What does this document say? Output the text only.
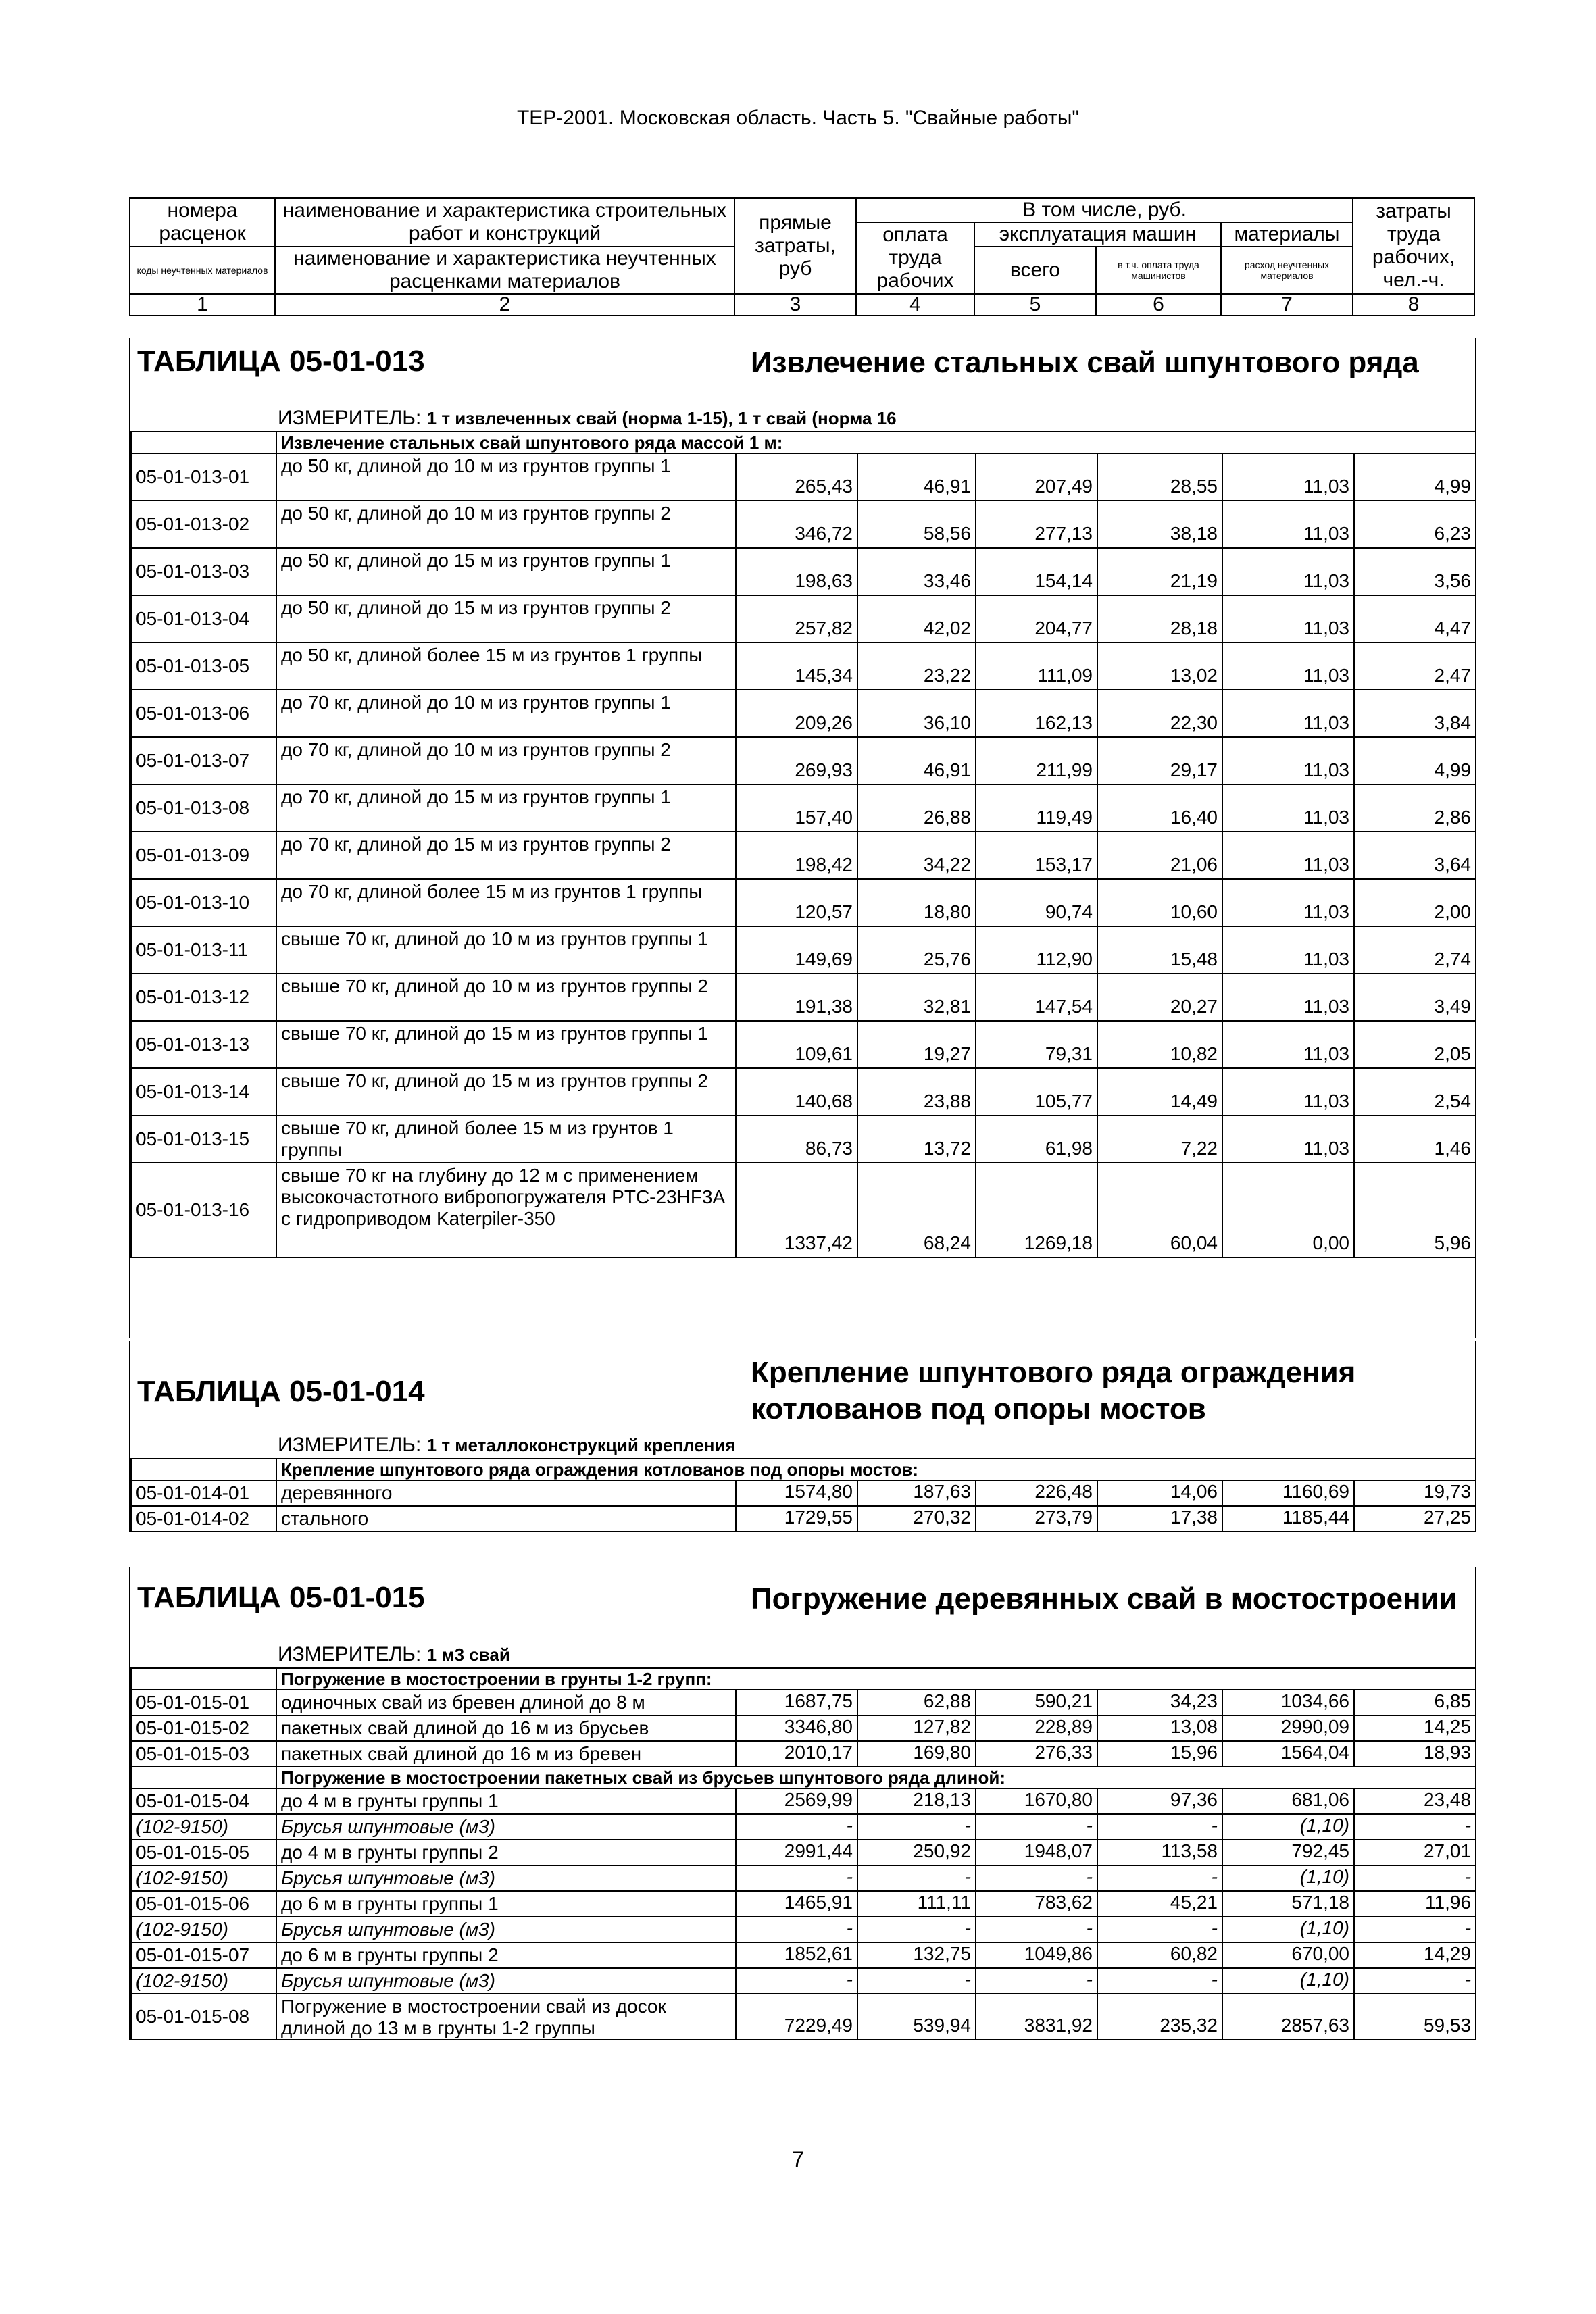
ТЕР-2001. Московская область. Часть 5. "Свайные работы"
номера расценок	наименование и характеристика строительных работ и конструкций	прямые затраты, руб	В том числе, руб.				затраты труда рабочих, чел.-ч.
			оплата труда рабочих	эксплуатация машин		материалы	
коды неучтенных материалов	наименование и характеристика неучтенных расценками материалов			всего	в т.ч. оплата труда машинистов	расход неучтенных материалов	

1	2	3	4	5	6	7	8
ТАБЛИЦА 05-01-013	Извлечение стальных свай шпунтового ряда
ИЗМЕРИТЕЛЬ: 1 т извлеченных свай (норма 1-15), 1 т свай (норма 16
	Извлечение стальных свай шпунтового ряда массой 1 м:						
05-01-013-01	до 50 кг, длиной до 10 м из грунтов группы 1	265,43	46,91	207,49	28,55	11,03	4,99
05-01-013-02	до 50 кг, длиной до 10 м из грунтов группы 2	346,72	58,56	277,13	38,18	11,03	6,23
05-01-013-03	до 50 кг, длиной до 15 м из грунтов группы 1	198,63	33,46	154,14	21,19	11,03	3,56
05-01-013-04	до 50 кг, длиной до 15 м из грунтов группы 2	257,82	42,02	204,77	28,18	11,03	4,47
05-01-013-05	до 50 кг, длиной более 15 м из грунтов 1 группы	145,34	23,22	111,09	13,02	11,03	2,47
05-01-013-06	до 70 кг, длиной до 10 м из грунтов группы 1	209,26	36,10	162,13	22,30	11,03	3,84
05-01-013-07	до 70 кг, длиной до 10 м из грунтов группы 2	269,93	46,91	211,99	29,17	11,03	4,99
05-01-013-08	до 70 кг, длиной до 15 м из грунтов группы 1	157,40	26,88	119,49	16,40	11,03	2,86
05-01-013-09	до 70 кг, длиной до 15 м из грунтов группы 2	198,42	34,22	153,17	21,06	11,03	3,64
05-01-013-10	до 70 кг, длиной более 15 м из грунтов 1 группы	120,57	18,80	90,74	10,60	11,03	2,00
05-01-013-11	свыше 70 кг, длиной до 10 м из грунтов группы 1	149,69	25,76	112,90	15,48	11,03	2,74
05-01-013-12	свыше 70 кг, длиной до 10 м из грунтов группы 2	191,38	32,81	147,54	20,27	11,03	3,49
05-01-013-13	свыше 70 кг, длиной до 15 м из грунтов группы 1	109,61	19,27	79,31	10,82	11,03	2,05
05-01-013-14	свыше 70 кг, длиной до 15 м из грунтов группы 2	140,68	23,88	105,77	14,49	11,03	2,54
05-01-013-15	свыше 70 кг, длиной более 15 м из грунтов 1 группы	86,73	13,72	61,98	7,22	11,03	1,46
05-01-013-16	свыше 70 кг на глубину до 12 м с применением высокочастотного вибропогружателя PTC-23HF3A с гидроприводом Katerpiler-350	1337,42	68,24	1269,18	60,04	0,00	5,96
ТАБЛИЦА 05-01-014
Крепление шпунтового ряда ограждения котлованов под опоры мостов
ИЗМЕРИТЕЛЬ: 1 т металлоконструкций крепления
	Крепление шпунтового ряда ограждения котлованов под опоры мостов:						
05-01-014-01	деревянного	1574,80	187,63	226,48	14,06	1160,69	19,73
05-01-014-02	стального	1729,55	270,32	273,79	17,38	1185,44	27,25
ТАБЛИЦА 05-01-015	Погружение деревянных свай в мостостроении
ИЗМЕРИТЕЛЬ: 1 м3 свай
	Погружение в мостостроении в грунты 1-2 групп:						
05-01-015-01	одиночных свай из бревен длиной до 8 м	1687,75	62,88	590,21	34,23	1034,66	6,85
05-01-015-02	пакетных свай длиной до 16 м из брусьев	3346,80	127,82	228,89	13,08	2990,09	14,25
05-01-015-03	пакетных свай длиной до 16 м из бревен	2010,17	169,80	276,33	15,96	1564,04	18,93
	Погружение в мостостроении пакетных свай из брусьев шпунтового ряда длиной:						
05-01-015-04	до 4 м в грунты группы 1	2569,99	218,13	1670,80	97,36	681,06	23,48
(102-9150)	Брусья шпунтовые (м3)	-	-	-	-	(1,10)	-
05-01-015-05	до 4 м в грунты группы 2	2991,44	250,92	1948,07	113,58	792,45	27,01
(102-9150)	Брусья шпунтовые (м3)	-	-	-	-	(1,10)	-
05-01-015-06	до 6 м в грунты группы 1	1465,91	111,11	783,62	45,21	571,18	11,96
(102-9150)	Брусья шпунтовые (м3)	-	-	-	-	(1,10)	-
05-01-015-07	до 6 м в грунты группы 2	1852,61	132,75	1049,86	60,82	670,00	14,29
(102-9150)	Брусья шпунтовые (м3)	-	-	-	-	(1,10)	-
05-01-015-08	Погружение в мостостроении свай из досок длиной до 13 м в грунты 1-2 группы	7229,49	539,94	3831,92	235,32	2857,63	59,53
7
